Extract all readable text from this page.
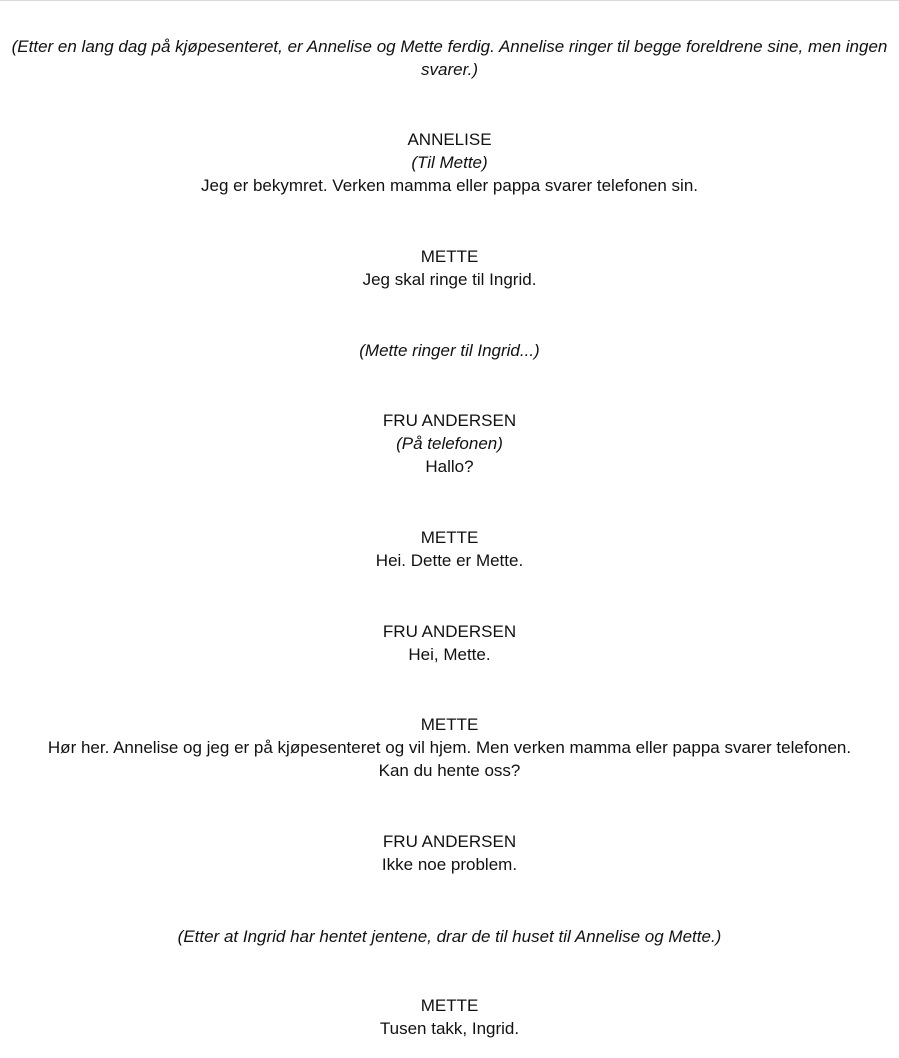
(Etter en lang dag på kjøpesenteret, er Annelise og Mette ferdig. Annelise ringer til begge foreldrene sine, men ingen svarer.)
ANNELISE
(Til Mette)
Jeg er bekymret. Verken mamma eller pappa svarer telefonen sin.
METTE
Jeg skal ringe til Ingrid.
(Mette ringer til Ingrid...)
FRU ANDERSEN
(På telefonen)
Hallo?
METTE
Hei. Dette er Mette.
FRU ANDERSEN
Hei, Mette.
METTE
Hør her. Annelise og jeg er på kjøpesenteret og vil hjem. Men verken mamma eller pappa svarer telefonen. Kan du hente oss?
FRU ANDERSEN
Ikke noe problem.
(Etter at Ingrid har hentet jentene, drar de til huset til Annelise og Mette.)
METTE
Tusen takk, Ingrid.
